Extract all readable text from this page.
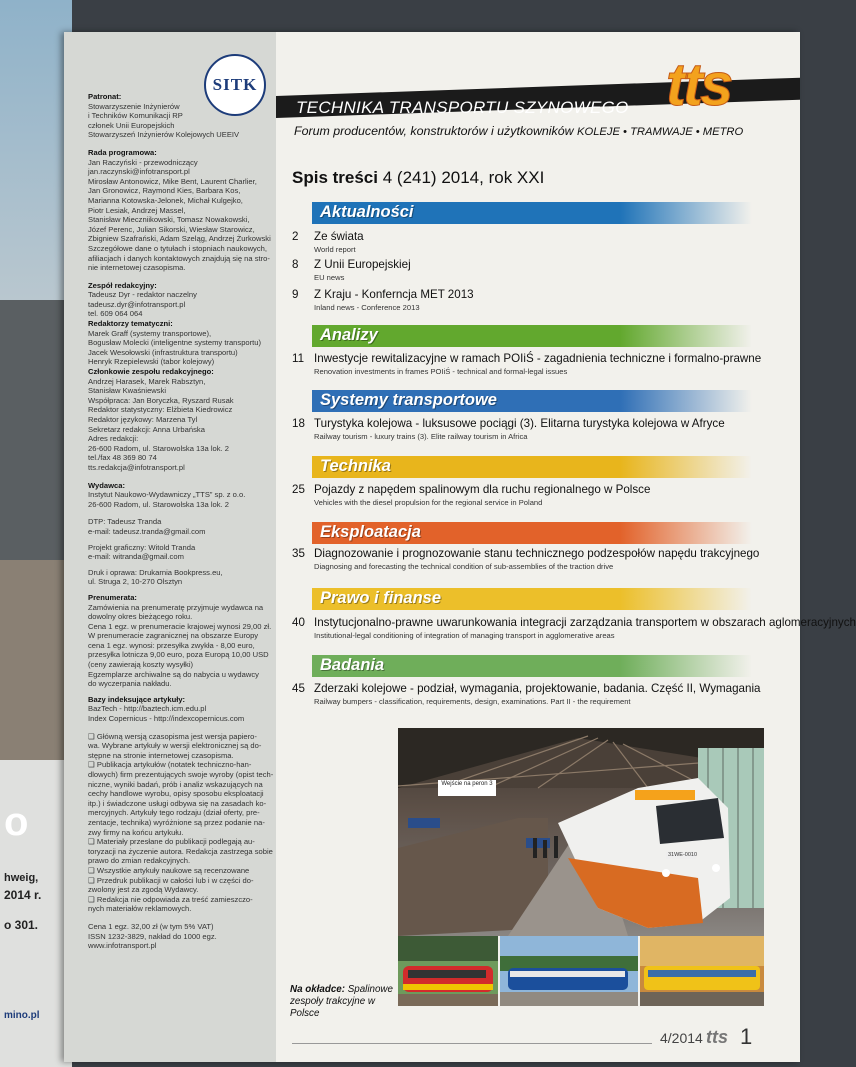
o
hweig,
2014 r.
o 301.
mino.pl
SITK
Patronat:
Stowarzyszenie Inżynierów
i Techników Komunikacji RP
członek Unii Europejskich
Stowarzyszeń Inżynierów Kolejowych UEEIV
Rada programowa:
Jan Raczyński - przewodniczący
jan.raczynski@infotransport.pl
Mirosław Antonowicz, Mike Bent, Laurent Charlier,
Jan Gronowicz, Raymond Kies, Barbara Kos,
Marianna Kotowska-Jelonek, Michał Kulgejko,
Piotr Lesiak, Andrzej Massel,
Stanisław Mieczniikowski, Tomasz Nowakowski,
Józef Perenc, Julian Sikorski, Wiesław Starowicz,
Zbigniew Szafrański, Adam Szeląg, Andrzej Żurkowski
Szczegółowe dane o tytułach i stopniach naukowych,
afiliacjach i danych kontaktowych znajdują się na stro-
nie internetowej czasopisma.
Zespół redakcyjny:
Tadeusz Dyr - redaktor naczelny
tadeusz.dyr@infotransport.pl
tel. 609 064 064
Redaktorzy tematyczni:
Marek Graff (systemy transportowe),
Bogusław Molecki (inteligentne systemy transportu)
Jacek Wesołowski (infrastruktura transportu)
Henryk Rzepielewski (tabor kolejowy)
Członkowie zespołu redakcyjnego:
Andrzej Harasek, Marek Rabsztyn,
Stanisław Kwaśniewski
Współpraca: Jan Boryczka, Ryszard Rusak
Redaktor statystyczny: Elżbieta Kiedrowicz
Redaktor językowy: Marzena Tyl
Sekretarz redakcji: Anna Urbańska
Adres redakcji:
26-600 Radom, ul. Starowolska 13a lok. 2
tel./fax 48 369 80 74
tts.redakcja@infotransport.pl
Wydawca:
Instytut Naukowo-Wydawniczy „TTS” sp. z o.o.
26-600 Radom, ul. Starowolska 13a lok. 2
DTP: Tadeusz Tranda
e-mail: tadeusz.tranda@gmail.com
Projekt graficzny: Witold Tranda
e-mail: witranda@gmail.com
Druk i oprawa: Drukarnia Bookpress.eu,
ul. Struga 2, 10-270 Olsztyn
Prenumerata:
Zamówienia na prenumeratę przyjmuje wydawca na
dowolny okres bieżącego roku.
Cena 1 egz. w prenumeracie krajowej wynosi 29,00 zł.
W prenumeracie zagranicznej na obszarze Europy
cena 1 egz. wynosi: przesyłka zwykła - 8,00 euro,
przesyłka lotnicza 9,00 euro, poza Europą 10,00 USD
(ceny zawierają koszty wysyłki)
Egzemplarze archiwalne są do nabycia u wydawcy
do wyczerpania nakładu.
Bazy indeksujące artykuły:
BazTech - http://baztech.icm.edu.pl
Index Copernicus - http://indexcopernicus.com
❑ Główną wersją czasopisma jest wersja papiero-
wa. Wybrane artykuły w wersji elektronicznej są do-
stępne na stronie internetowej czasopisma.
❑ Publikacja artykułów (notatek techniczno-han-
dlowych) firm prezentujących swoje wyroby (opist tech-
niczne, wyniki badań, prób i analiz wskazujących na
cechy handlowe wyrobu, opisy sposobu eksploatacji
itp.) i świadczone usługi odbywa się na zasadach ko-
mercyjnych. Artykuły tego rodzaju (dział oferty, pre-
zentacje, technika) wyróżnione są przez podanie na-
zwy firmy na końcu artykułu.
❑ Materiały przesłane do publikacji podlegają au-
toryzacji na życzenie autora. Redakcja zastrzega sobie
prawo do zmian redakcyjnych.
❑ Wszystkie artykuły naukowe są recenzowane
❑ Przedruk publikacji w całości lub i w części do-
zwolony jest za zgodą Wydawcy.
❑ Redakcja nie odpowiada za treść zamieszczo-
nych materiałów reklamowych.
Cena 1 egz. 32,00 zł (w tym 5% VAT)
ISSN 1232-3829, nakład do 1000 egz.
www.infotransport.pl
TECHNIKA TRANSPORTU SZYNOWEGO tts
Forum producentów, konstruktorów i użytkowników KOLEJE • TRAMWAJE • METRO
Spis treści 4 (241) 2014, rok XXI
Aktualności
2 Ze świata
World report
8 Z Unii Europejskiej
EU news
9 Z Kraju - Konferncja MET 2013
Inland news - Conference 2013
Analizy
11 Inwestycje rewitalizacyjne w ramach POIiŚ - zagadnienia techniczne i formalno-prawne
Renovation investments in frames POIiŚ - technical and formal-legal issues
Systemy transportowe
18 Turystyka kolejowa - luksusowe pociągi (3). Elitarna turystyka kolejowa w Afryce
Railway tourism - luxury trains (3). Elite railway tourism in Africa
Technika
25 Pojazdy z napędem spalinowym dla ruchu regionalnego w Polsce
Vehicles with the diesel propulsion for the regional service in Poland
Eksploatacja
35 Diagnozowanie i prognozowanie stanu technicznego podzespołów napędu trakcyjnego
Diagnosing and forecasting the technical condition of sub-assemblies of the traction drive
Prawo i finanse
40 Instytucjonalno-prawne uwarunkowania integracji zarządzania transportem w obszarach aglomeracyjnych
Institutional-legal conditioning of integration of managing transport in agglomerative areas
Badania
45 Zderzaki kolejowe - podział, wymagania, projektowanie, badania. Część II, Wymagania
Railway bumpers - classification, requirements, design, examinations. Part II - the requirement
Wejście na peron 3
31WE-0010
Na okładce: Spalinowe zespoły trakcyjne w Polsce
4/2014 tts 1
